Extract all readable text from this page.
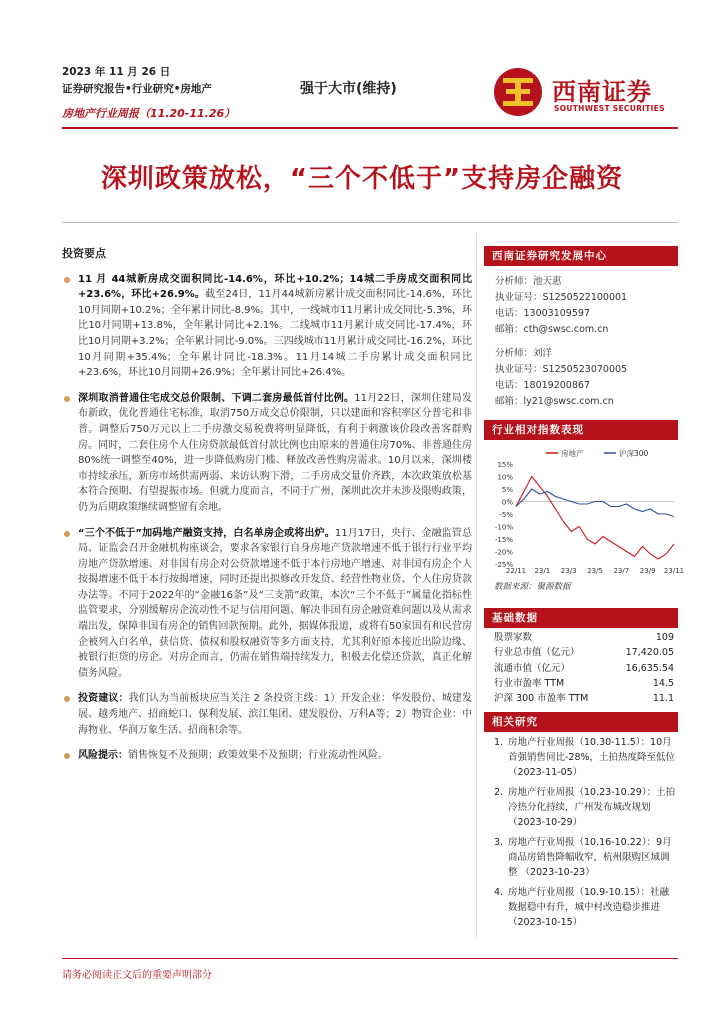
2023 年 11 月 26 日
证券研究报告•行业研究•房地产
房地产行业周报（11.20-11.26）
强于大市(维持)	西南证券
SOUTHWEST SECURITIES
深圳政策放松，“三个不低于”支持房企融资
投资要点
11 月 44城新房成交面积同比-14.6%，环比+10.2%；14城二手房成交面积同比+23.6%，环比+26.9%。截至24日，11月44城新房累计成交面积同比-14.6%，环比10月同期+10.2%；全年累计同比-8.9%。其中，一线城市11月累计成交同比-5.3%，环比10月同期+13.8%，全年累计同比+2.1%。二线城市11月累计成交同比-17.4%，环比10月同期+3.2%；全年累计同比-9.0%。三四线城市11月累计成交同比-16.2%，环比10月同期+35.4%；全年累计同比-18.3%。11月14城二手房累计成交面积同比+23.6%，环比10月同期+26.9%；全年累计同比+26.4%。
深圳取消普通住宅成交总价限制、下调二套房最低首付比例。11月22日，深圳住建局发布新政，优化普通住宅标准，取消750万成交总价限制，只以建面和容积率区分普宅和非普。调整后750万元以上二手房激交易税费将明显降低，有利于刺激该价段改善客群购房。同时，二套住房个人住房贷款最低首付款比例也由原来的普通住房70%、非普通住房80%统一调整至40%，进一步降低购房门槛、释放改善性购房需求。10月以来，深圳楼市持续承压，新房市场供需两弱、来访认购下滑，二手房成交量价齐跌，本次政策放松基本符合预期、有望提振市场。但就力度而言，不同于广州，深圳此次并未涉及限购政策，仍为后期政策继续调整留有余地。
“三个不低于”加码地产融资支持，白名单房企或将出炉。11月17日，央行、金融监管总局、证监会召开金融机构座谈会，要求各家银行自身房地产贷款增速不低于银行行业平均房地产贷款增速、对非国有房企对公贷款增速不低于本行房地产增速、对非国有房企个人按揭增速不低于本行按揭增速，同时还提出拟修改开发贷、经营性物业贷、个人住房贷款办法等。不同于2022年的“金融16条”及“三支箭”政策，本次“三个不低于”属量化指标性监管要求，分别缓解房企流动性不足与信用问题、解决非国有房企融资难问题以及从需求端出发，保障非国有房企的销售回款预期。此外，据媒体报道，或将有50家国有和民营房企被列入白名单，获信贷、债权和股权融资等多方面支持，尤其利好原本接近出险边缘、被银行拒贷的房企。对房企而言，仍需在销售端持续发力，积极去化偿还贷款，真正化解债务风险。
投资建议：我们认为当前板块应当关注 2 条投资主线：1）开发企业：华发股份、城建发展、越秀地产、招商蛇口、保利发展、滨江集团、建发股份、万科A等；2）物管企业：中海物业、华润万象生活、招商积余等。
风险提示：销售恢复不及预期；政策效果不及预期；行业流动性风险。
西南证券研究发展中心
分析师：池天惠
执业证号：S1250522100001
电话：13003109597
邮箱：cth@swsc.com.cn
分析师：刘洋
执业证号：S1250523070005
电话：18019200867
邮箱：ly21@swsc.com.cn
行业相对指数表现
15%
10%
5%
0%
-5%
-10%
-15%
-20%
-25%
22/11 23/1 23/3 23/5 23/7 23/9 23/11
房地产	沪深300
数据来源：聚源数据
基础数据
股票家数	109
行业总市值（亿元）	17,420.05
流通市值（亿元）	16,635.54
行业市盈率 TTM	14.5
沪深 300 市盈率 TTM	11.1
相关研究
1. 房地产行业周报（10.30-11.5）：10月首强销售同比-28%，土拍热度降至低位 （2023-11-05）
2. 房地产行业周报（10.23-10.29）：土拍冷热分化持续，广州发布城改规划 （2023-10-29）
3. 房地产行业周报（10.16-10.22）：9月商品房销售降幅收窄，杭州限购区域调整 （2023-10-23）
4. 房地产行业周报（10.9-10.15）：社融数据稳中有升，城中村改造稳步推进 （2023-10-15）
请务必阅读正文后的重要声明部分
